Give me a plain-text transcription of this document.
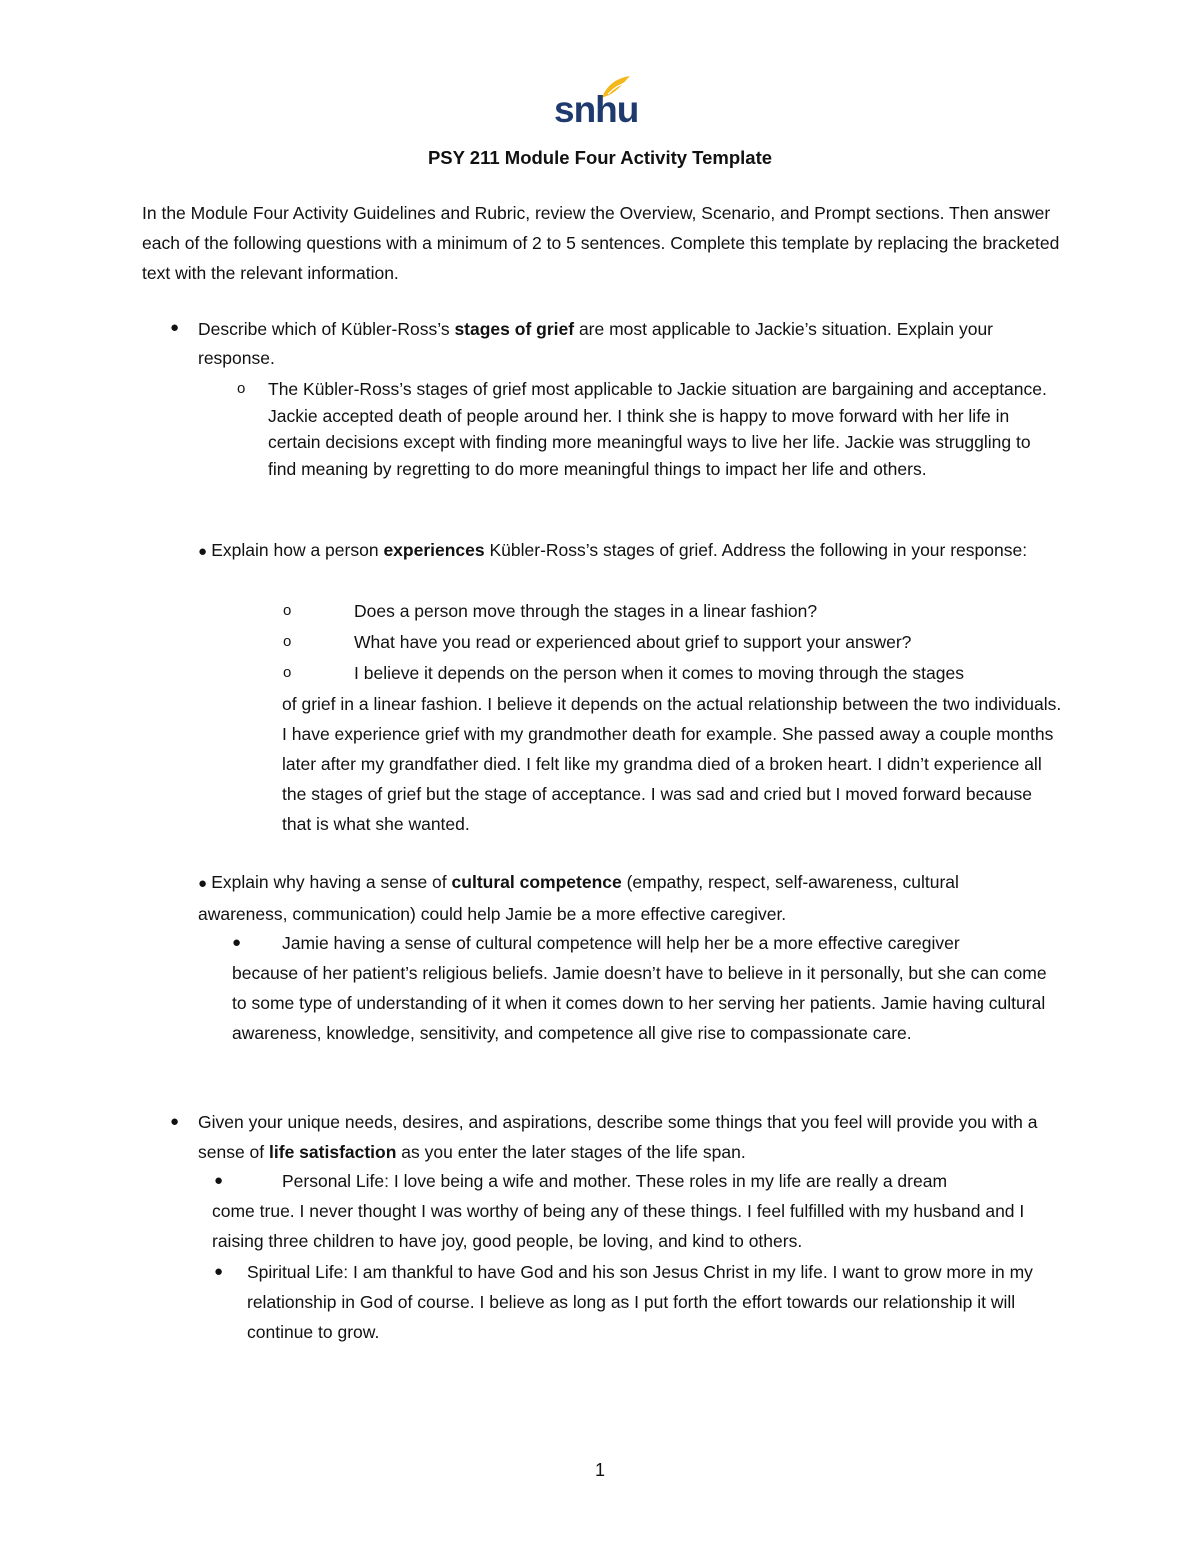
snhu
PSY 211 Module Four Activity Template
In the Module Four Activity Guidelines and Rubric, review the Overview, Scenario, and Prompt sections. Then answer each of the following questions with a minimum of 2 to 5 sentences. Complete this template by replacing the bracketed text with the relevant information.
● Describe which of Kübler-Ross’s stages of grief are most applicable to Jackie’s situation. Explain your response.
o The Kübler-Ross’s stages of grief most applicable to Jackie situation are bargaining and acceptance. Jackie accepted death of people around her. I think she is happy to move forward with her life in certain decisions except with finding more meaningful ways to live her life. Jackie was struggling to find meaning by regretting to do more meaningful things to impact her life and others.
● Explain how a person experiences Kübler-Ross’s stages of grief. Address the following in your response:
o	Does a person move through the stages in a linear fashion?
o	What have you read or experienced about grief to support your answer?
o	I believe it depends on the person when it comes to moving through the stages
of grief in a linear fashion. I believe it depends on the actual relationship between the two individuals. I have experience grief with my grandmother death for example. She passed away a couple months later after my grandfather died. I felt like my grandma died of a broken heart. I didn’t experience all the stages of grief but the stage of acceptance. I was sad and cried but I moved forward because that is what she wanted.
● Explain why having a sense of cultural competence (empathy, respect, self-awareness, cultural awareness, communication) could help Jamie be a more effective caregiver.
● Jamie having a sense of cultural competence will help her be a more effective caregiver
because of her patient’s religious beliefs. Jamie doesn’t have to believe in it personally, but she can come to some type of understanding of it when it comes down to her serving her patients. Jamie having cultural awareness, knowledge, sensitivity, and competence all give rise to compassionate care.
● Given your unique needs, desires, and aspirations, describe some things that you feel will provide you with a sense of life satisfaction as you enter the later stages of the life span.
●	Personal Life: I love being a wife and mother. These roles in my life are really a dream
come true. I never thought I was worthy of being any of these things. I feel fulfilled with my husband and I raising three children to have joy, good people, be loving, and kind to others.
● Spiritual Life: I am thankful to have God and his son Jesus Christ in my life. I want to grow more in my relationship in God of course. I believe as long as I put forth the effort towards our relationship it will continue to grow.
1
